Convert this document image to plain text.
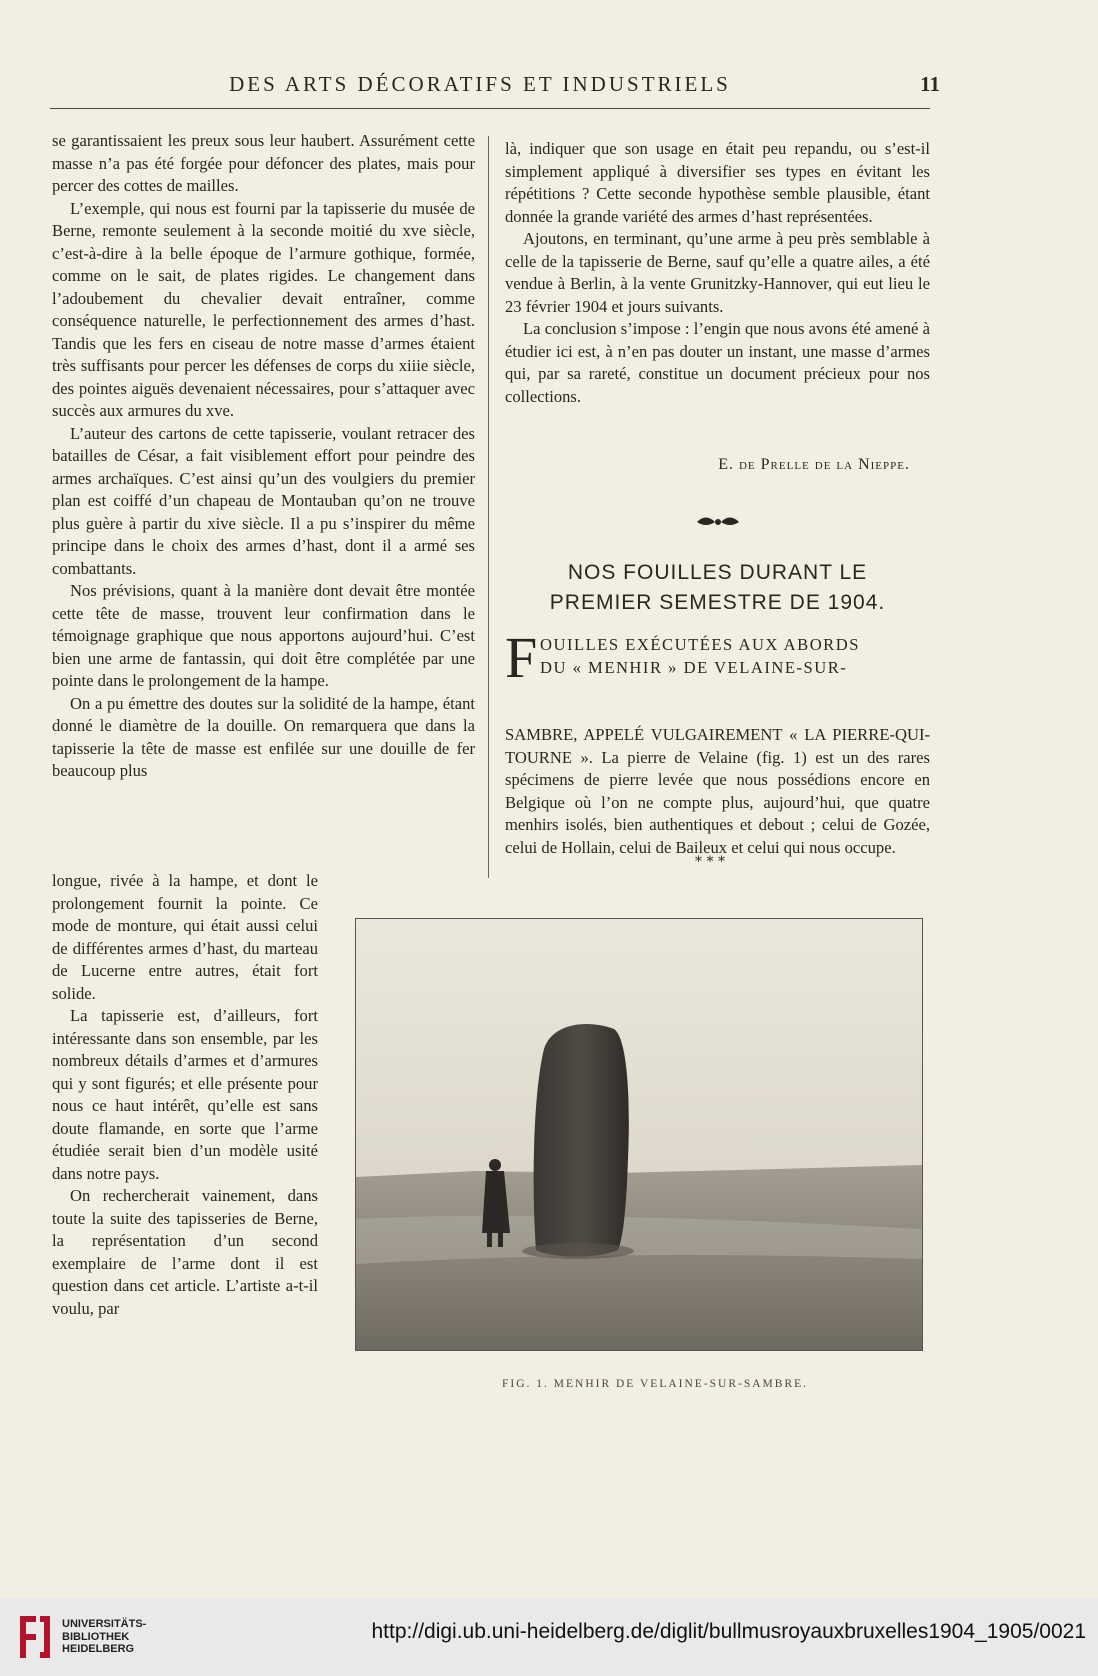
DES ARTS DÉCORATIFS ET INDUSTRIELS	11

se garantissaient les preux sous leur haubert. Assurément cette masse n’a pas été forgée pour défoncer des plates, mais pour percer des cottes de mailles.

L’exemple, qui nous est fourni par la tapisserie du musée de Berne, remonte seulement à la seconde moitié du xve siècle, c’est-à-dire à la belle époque de l’armure gothique, formée, comme on le sait, de plates rigides. Le changement dans l’adoubement du chevalier devait entraîner, comme conséquence naturelle, le perfectionnement des armes d’hast. Tandis que les fers en ciseau de notre masse d’armes étaient très suffisants pour percer les défenses de corps du xiiie siècle, des pointes aiguës devenaient nécessaires, pour s’attaquer avec succès aux armures du xve.

L’auteur des cartons de cette tapisserie, voulant retracer des batailles de César, a fait visiblement effort pour peindre des armes archaïques. C’est ainsi qu’un des voulgiers du premier plan est coiffé d’un chapeau de Montauban qu’on ne trouve plus guère à partir du xive siècle. Il a pu s’inspirer du même principe dans le choix des armes d’hast, dont il a armé ses combattants.

Nos prévisions, quant à la manière dont devait être montée cette tête de masse, trouvent leur confirmation dans le témoignage graphique que nous apportons aujourd’hui. C’est bien une arme de fantassin, qui doit être complétée par une pointe dans le prolongement de la hampe.

On a pu émettre des doutes sur la solidité de la hampe, étant donné le diamètre de la douille. On remarquera que dans la tapisserie la tête de masse est enfilée sur une douille de fer beaucoup plus

longue, rivée à la hampe, et dont le prolongement fournit la pointe. Ce mode de monture, qui était aussi celui de différentes armes d’hast, du marteau de Lucerne entre autres, était fort solide.

La tapisserie est, d’ailleurs, fort intéressante dans son ensemble, par les nombreux détails d’armes et d’armures qui y sont figurés; et elle présente pour nous ce haut intérêt, qu’elle est sans doute flamande, en sorte que l’arme étudiée serait bien d’un modèle usité dans notre pays.

On rechercherait vainement, dans toute la suite des tapisseries de Berne, la représentation d’un second exemplaire de l’arme dont il est question dans cet article. L’artiste a-t-il voulu, par

là, indiquer que son usage en était peu repandu, ou s’est-il simplement appliqué à diversifier ses types en évitant les répétitions ? Cette seconde hypothèse semble plausible, étant donnée la grande variété des armes d’hast représentées.

Ajoutons, en terminant, qu’une arme à peu près semblable à celle de la tapisserie de Berne, sauf qu’elle a quatre ailes, a été vendue à Berlin, à la vente Grunitzky-Hannover, qui eut lieu le 23 février 1904 et jours suivants.

La conclusion s’impose : l’engin que nous avons été amené à étudier ici est, à n’en pas douter un instant, une masse d’armes qui, par sa rareté, constitue un document précieux pour nos collections.

E. de Prelle de la Nieppe.
NOS FOUILLES DURANT LE
PREMIER SEMESTRE DE 1904.
F OUILLES EXÉCUTÉES AUX ABORDS
DU « MENHIR » DE VELAINE-SUR-
SAMBRE, APPELÉ VULGAIREMENT « LA PIERRE-QUI-TOURNE ». La pierre de Velaine (fig. 1) est un des rares spécimens de pierre levée que nous possédions encore en Belgique où l’on ne compte plus, aujourd’hui, que quatre menhirs isolés, bien authentiques et debout ; celui de Gozée, celui de Hollain, celui de Baileux et celui qui nous occupe.
* * *
FIG. 1. MENHIR DE VELAINE-SUR-SAMBRE.
UNIVERSITÄTS-
BIBLIOTHEK
HEIDELBERG
http://digi.ub.uni-heidelberg.de/diglit/bullmusroyauxbruxelles1904_1905/0021
